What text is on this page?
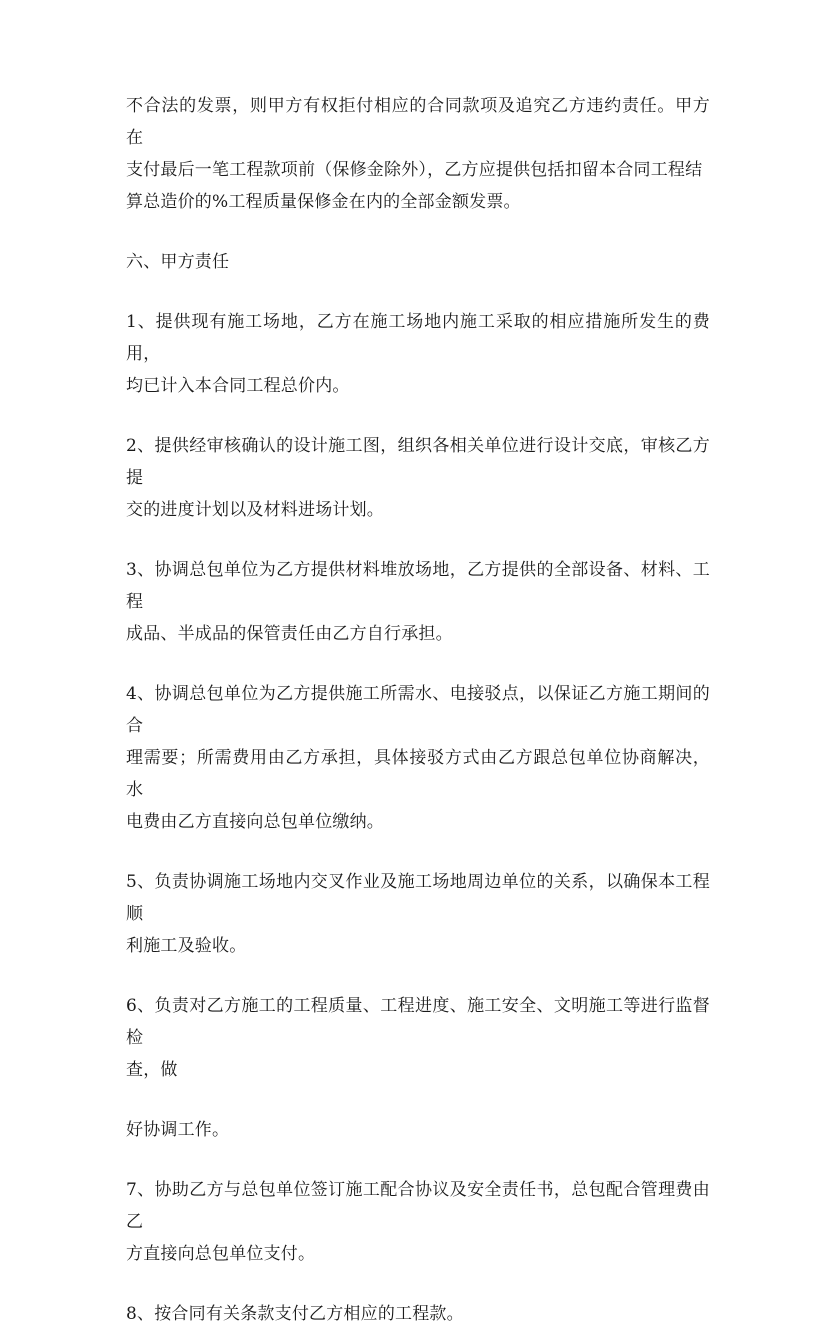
不合法的发票，则甲方有权拒付相应的合同款项及追究乙方违约责任。甲方在
支付最后一笔工程款项前（保修金除外），乙方应提供包括扣留本合同工程结
算总造价的%工程质量保修金在内的全部金额发票。

六、甲方责任

1、提供现有施工场地，乙方在施工场地内施工采取的相应措施所发生的费用，
均已计入本合同工程总价内。

2、提供经审核确认的设计施工图，组织各相关单位进行设计交底，审核乙方提
交的进度计划以及材料进场计划。

3、协调总包单位为乙方提供材料堆放场地，乙方提供的全部设备、材料、工程
成品、半成品的保管责任由乙方自行承担。

4、协调总包单位为乙方提供施工所需水、电接驳点，以保证乙方施工期间的合
理需要；所需费用由乙方承担，具体接驳方式由乙方跟总包单位协商解决，水
电费由乙方直接向总包单位缴纳。

5、负责协调施工场地内交叉作业及施工场地周边单位的关系，以确保本工程顺
利施工及验收。

6、负责对乙方施工的工程质量、工程进度、施工安全、文明施工等进行监督检
查，做

好协调工作。

7、协助乙方与总包单位签订施工配合协议及安全责任书，总包配合管理费由乙
方直接向总包单位支付。

8、按合同有关条款支付乙方相应的工程款。
